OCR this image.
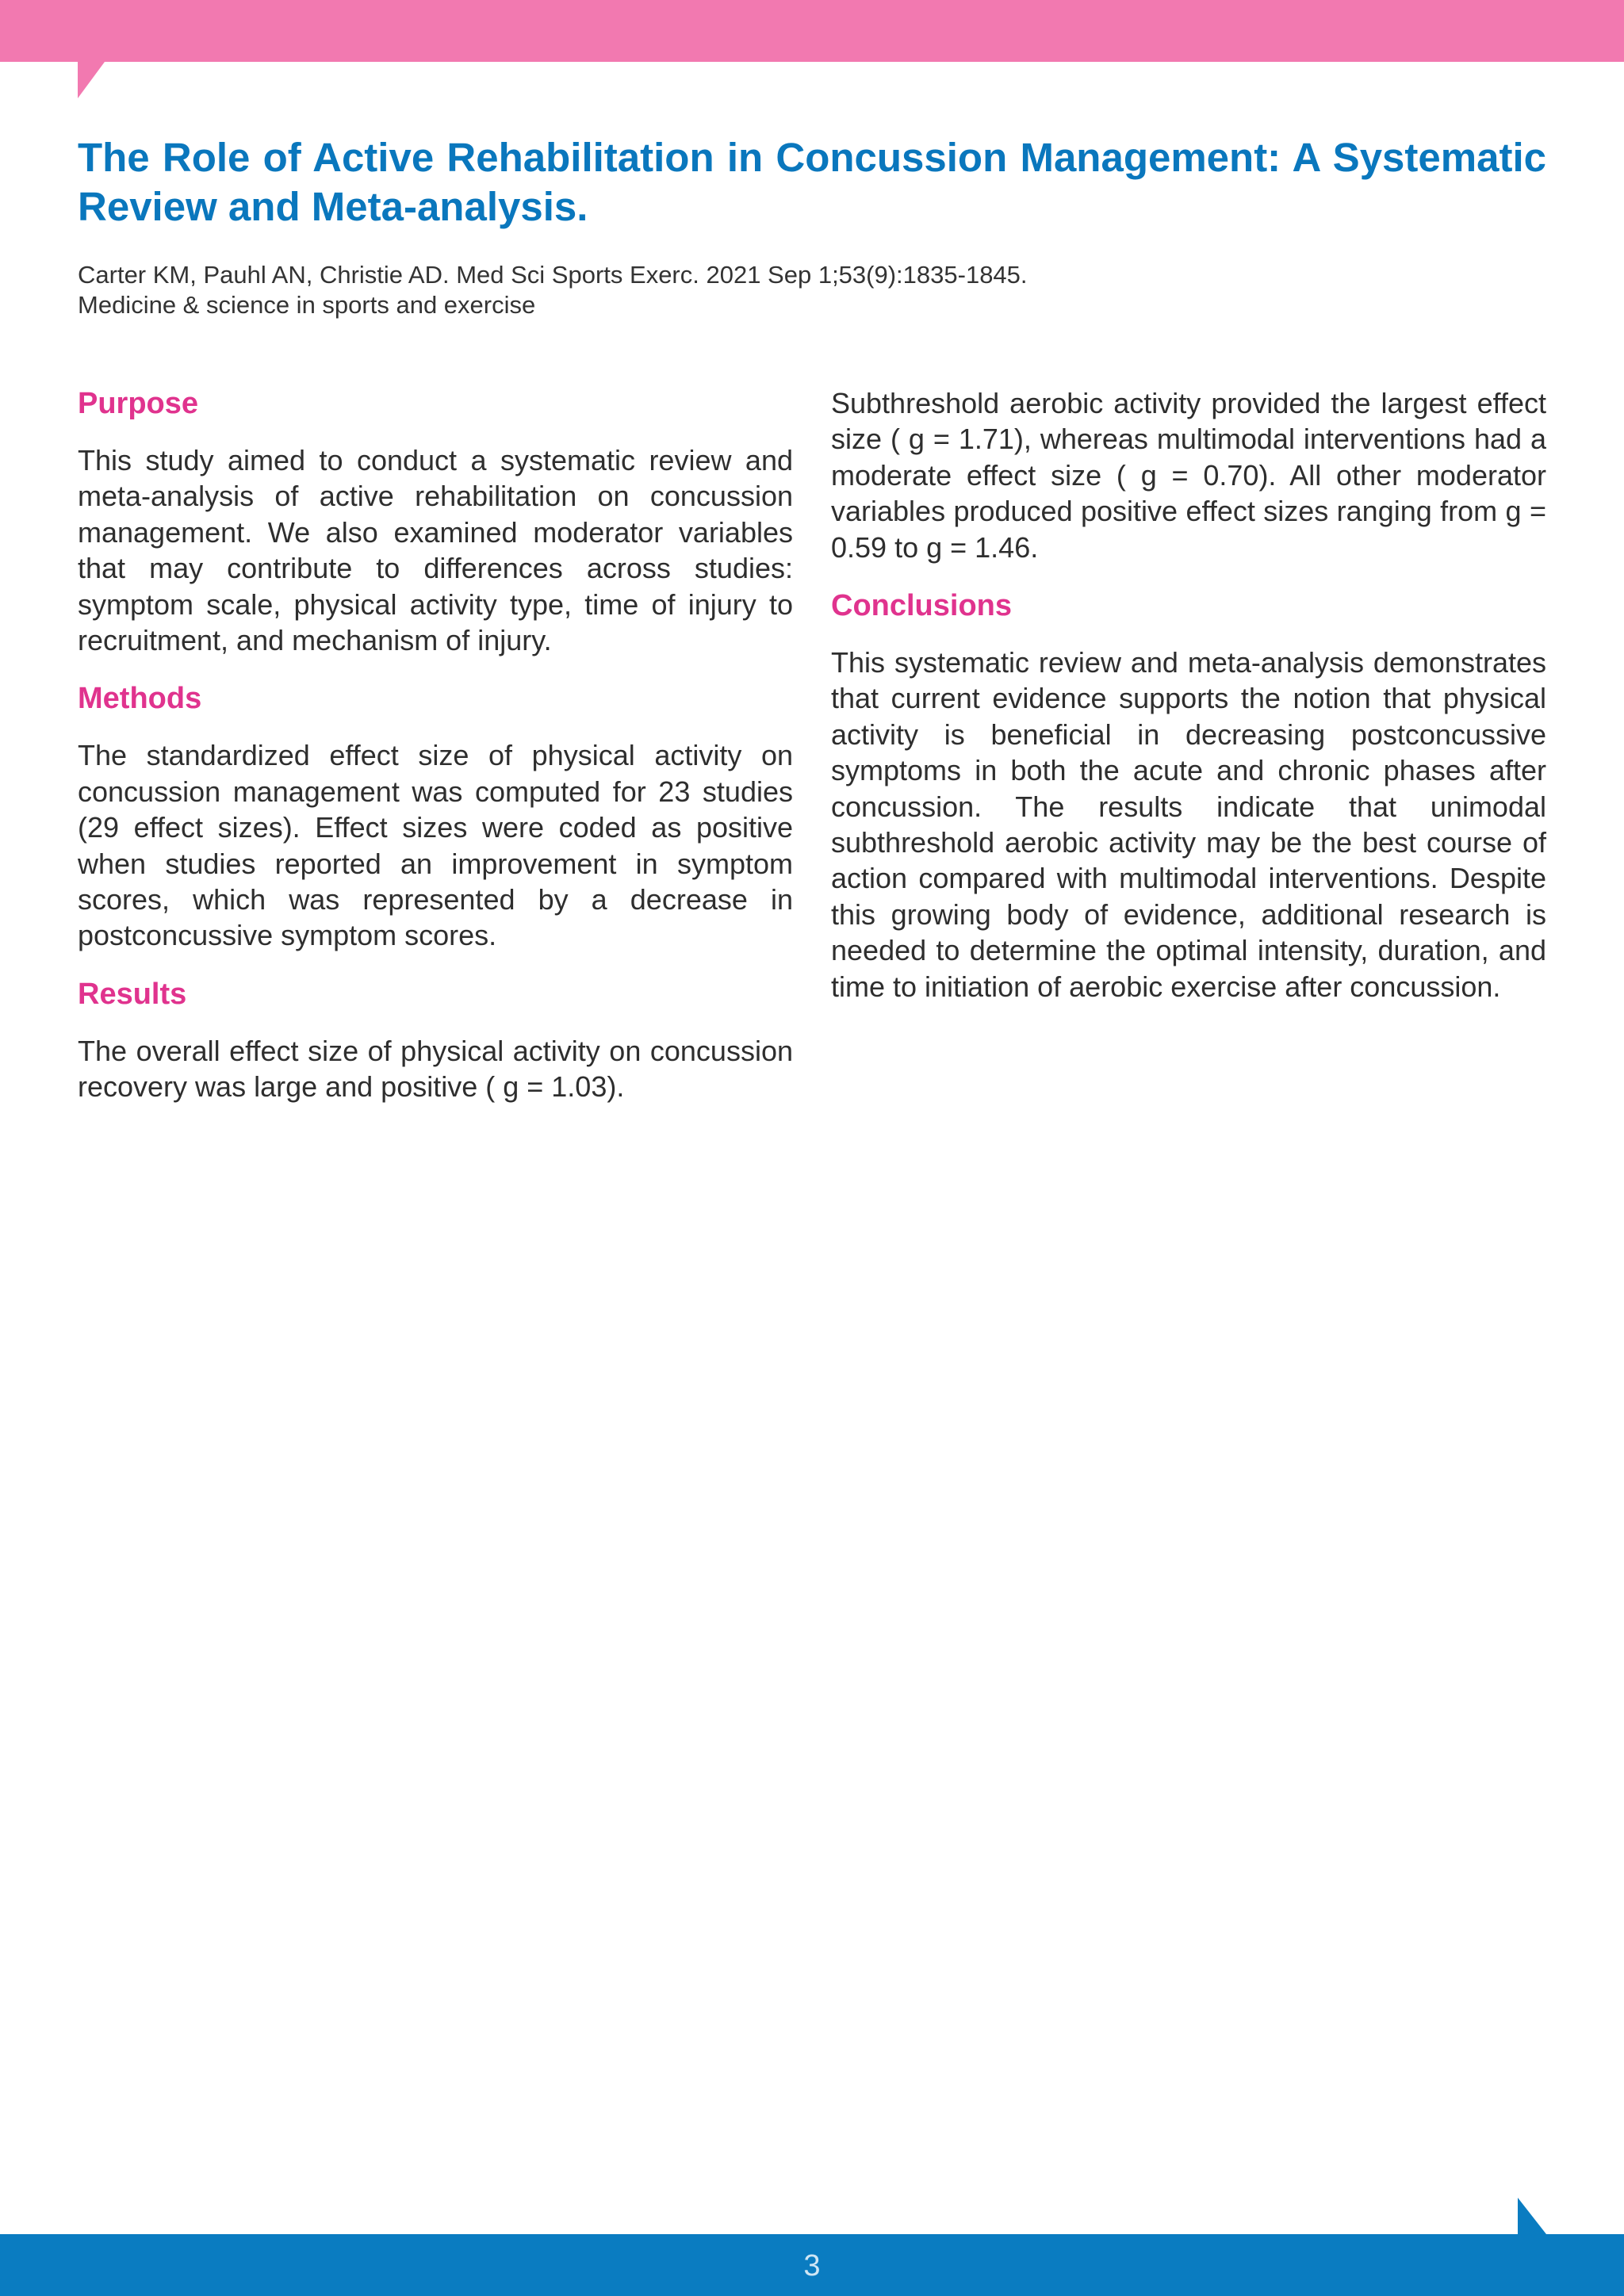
The Role of Active Rehabilitation in Concussion Management: A Systematic Review and Meta-analysis.
Carter KM, Pauhl AN, Christie AD. Med Sci Sports Exerc. 2021 Sep 1;53(9):1835-1845.
Medicine & science in sports and exercise
Purpose

This study aimed to conduct a systematic review and meta-analysis of active rehabilitation on concussion management. We also examined moderator variables that may contribute to differences across studies: symptom scale, physical activity type, time of injury to recruitment, and mechanism of injury.

Methods

The standardized effect size of physical activity on concussion management was computed for 23 studies (29 effect sizes). Effect sizes were coded as positive when studies reported an improvement in symptom scores, which was represented by a decrease in postconcussive symptom scores.

Results

The overall effect size of physical activity on concussion recovery was large and positive ( g = 1.03).

Subthreshold aerobic activity provided the largest effect size ( g = 1.71), whereas multimodal interventions had a moderate effect size ( g = 0.70). All other moderator variables produced positive effect sizes ranging from g = 0.59 to g = 1.46.

Conclusions

This systematic review and meta-analysis demonstrates that current evidence supports the notion that physical activity is beneficial in decreasing postconcussive symptoms in both the acute and chronic phases after concussion. The results indicate that unimodal subthreshold aerobic activity may be the best course of action compared with multimodal interventions. Despite this growing body of evidence, additional research is needed to determine the optimal intensity, duration, and time to initiation of aerobic exercise after concussion.

3
